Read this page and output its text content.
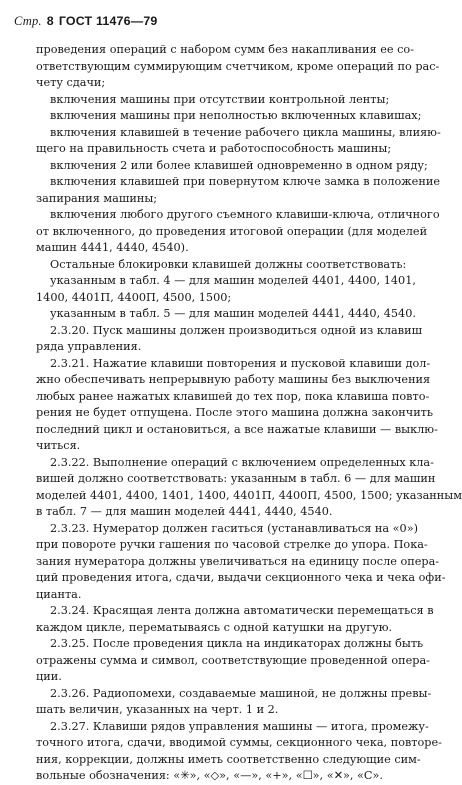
Стр. 8 ГОСТ 11476—79
проведения операций с набором сумм без накапливания ее со-
ответствующим суммирующим счетчиком, кроме операций по рас-
чету сдачи;
включения машины при отсутствии контрольной ленты;
включения машины при неполностью включенных клавишах;
включения клавишей в течение рабочего цикла машины, влияю-
щего на правильность счета и работоспособность машины;
включения 2 или более клавишей одновременно в одном ряду;
включения клавишей при повернутом ключе замка в положение
запирания машины;
включения любого другого съемного клавиши-ключа, отличного
от включенного, до проведения итоговой операции (для моделей
машин 4441, 4440, 4540).
Остальные блокировки клавишей должны соответствовать:
указанным в табл. 4 — для машин моделей 4401, 4400, 1401,
1400, 4401П, 4400П, 4500, 1500;
указанным в табл. 5 — для машин моделей 4441, 4440, 4540.
2.3.20. Пуск машины должен производиться одной из клавиш
ряда управления.
2.3.21. Нажатие клавиши повторения и пусковой клавиши дол-
жно обеспечивать непрерывную работу машины без выключения
любых ранее нажатых клавишей до тех пор, пока клавиша повто-
рения не будет отпущена. После этого машина должна закончить
последний цикл и остановиться, а все нажатые клавиши — выклю-
читься.
2.3.22. Выполнение операций с включением определенных кла-
вишей должно соответствовать: указанным в табл. 6 — для машин
моделей 4401, 4400, 1401, 1400, 4401П, 4400П, 4500, 1500; указанным
в табл. 7 — для машин моделей 4441, 4440, 4540.
2.3.23. Нумератор должен гаситься (устанавливаться на «0»)
при повороте ручки гашения по часовой стрелке до упора. Пока-
зания нумератора должны увеличиваться на единицу после опера-
ций проведения итога, сдачи, выдачи секционного чека и чека офи-
цианта.
2.3.24. Красящая лента должна автоматически перемещаться в
каждом цикле, перематываясь с одной катушки на другую.
2.3.25. После проведения цикла на индикаторах должны быть
отражены сумма и символ, соответствующие проведенной опера-
ции.
2.3.26. Радиопомехи, создаваемые машиной, не должны превы-
шать величин, указанных на черт. 1 и 2.
2.3.27. Клавиши рядов управления машины — итога, промежу-
точного итога, сдачи, вводимой суммы, секционного чека, повторе-
ния, коррекции, должны иметь соответственно следующие сим-
вольные обозначения: «✳», «◇», «—», «+», «☐», «✕», «С».
